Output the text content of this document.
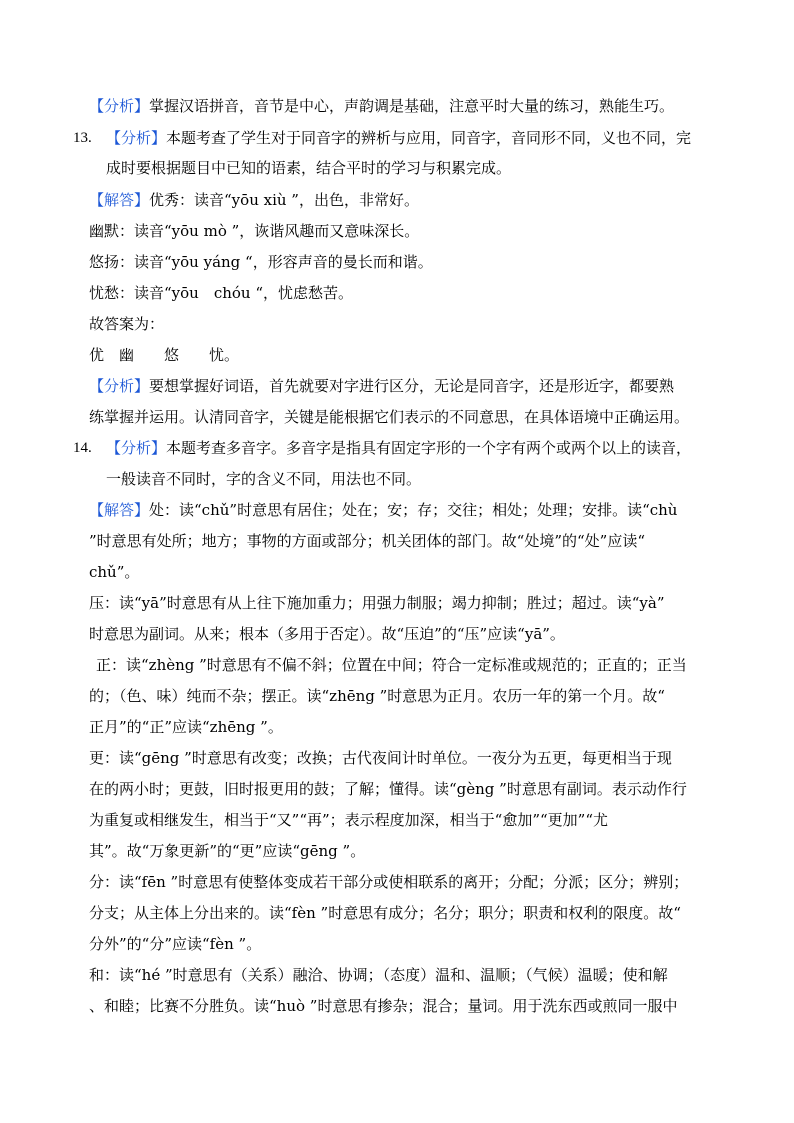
【分析】掌握汉语拼音，音节是中心，声韵调是基础，注意平时大量的练习，熟能生巧。
13. 【分析】本题考查了学生对于同音字的辨析与应用，同音字，音同形不同，义也不同，完
成时要根据题目中已知的语素，结合平时的学习与积累完成。
【解答】优秀：读音“yōu xiù ”，出色，非常好。
幽默：读音“yōu mò ”，诙谐风趣而又意味深长。
悠扬：读音“yōu yáng “，形容声音的曼长而和谐。
忧愁：读音“yōu　chóu “，忧虑愁苦。
故答案为：
优　幽　　悠　　忧。
【分析】要想掌握好词语，首先就要对字进行区分，无论是同音字，还是形近字，都要熟
练掌握并运用。认清同音字，关键是能根据它们表示的不同意思，在具体语境中正确运用。
14. 【分析】本题考查多音字。多音字是指具有固定字形的一个字有两个或两个以上的读音，
一般读音不同时，字的含义不同，用法也不同。
【解答】处：读“chǔ”时意思有居住；处在；安；存；交往；相处；处理；安排。读“chù
”时意思有处所；地方；事物的方面或部分；机关团体的部门。故“处境”的“处”应读“
chǔ”。
压：读“yā”时意思有从上往下施加重力；用强力制服；竭力抑制；胜过；超过。读“yà”
时意思为副词。从来；根本（多用于否定）。故“压迫”的“压”应读“yā”。
正：读“zhèng ”时意思有不偏不斜；位置在中间；符合一定标准或规范的；正直的；正当
的；（色、味）纯而不杂；摆正。读“zhēng ”时意思为正月。农历一年的第一个月。故“
正月”的“正”应读“zhēng ”。
更：读“gēng ”时意思有改变；改换；古代夜间计时单位。一夜分为五更，每更相当于现
在的两小时；更鼓，旧时报更用的鼓；了解；懂得。读“gèng ”时意思有副词。表示动作行
为重复或相继发生，相当于“又”“再”；表示程度加深，相当于“愈加”“更加”“尤
其”。故“万象更新”的“更”应读“gēng ”。
分：读“fēn ”时意思有使整体变成若干部分或使相联系的离开；分配；分派；区分；辨别；
分支；从主体上分出来的。读“fèn ”时意思有成分；名分；职分；职责和权利的限度。故“
分外”的“分”应读“fèn ”。
和：读“hé ”时意思有（关系）融洽、协调；（态度）温和、温顺；（气候）温暖；使和解
、和睦；比赛不分胜负。读“huò ”时意思有掺杂；混合；量词。用于洗东西或煎同一服中
